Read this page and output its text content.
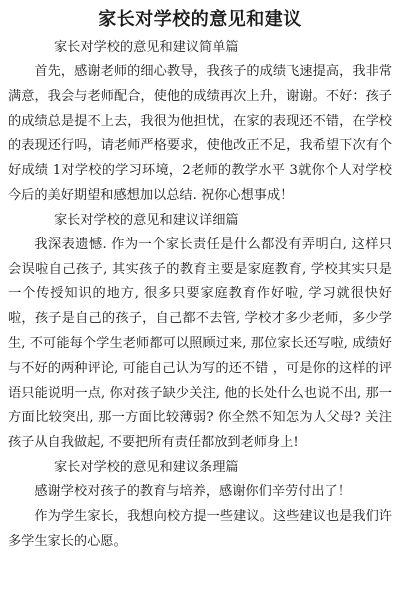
家长对学校的意见和建议
家长对学校的意见和建议简单篇

首先，感谢老师的细心教导，我孩子的成绩飞速提高，我非常满意，我会与老师配合，使他的成绩再次上升，谢谢。不好：孩子的成绩总是提不上去，我很为他担忧，在家的表现还不错，在学校的表现还行吗，请老师严格要求，使他改正不足，我希望下次有个好成绩 1对学校的学习环境，2老师的教学水平 3就你个人对学校今后的美好期望和感想加以总结. 祝你心想事成！

家长对学校的意见和建议详细篇

我深表遗憾. 作为一个家长责任是什么都没有弄明白, 这样只会误啦自己孩子, 其实孩子的教育主要是家庭教育, 学校其实只是一个传授知识的地方, 很多只要家庭教育作好啦, 学习就很快好啦，孩子是自己的孩子，自己都不去管, 学校才多少老师，多少学生, 不可能每个学生老师都可以照顾过来, 那位家长还写啦, 成绩好与不好的两种评论, 可能自己认为写的还不错 ，可是你的这样的评语只能说明一点, 你对孩子缺少关注, 他的长处什么也说不出, 那一方面比较突出, 那一方面比较薄弱? 你全然不知怎为人父母? 关注孩子从自我做起, 不要把所有责任都放到老师身上!

家长对学校的意见和建议条理篇

感谢学校对孩子的教育与培养，感谢你们辛劳付出了！

作为学生家长，我想向校方提一些建议。这些建议也是我们许多学生家长的心愿。
